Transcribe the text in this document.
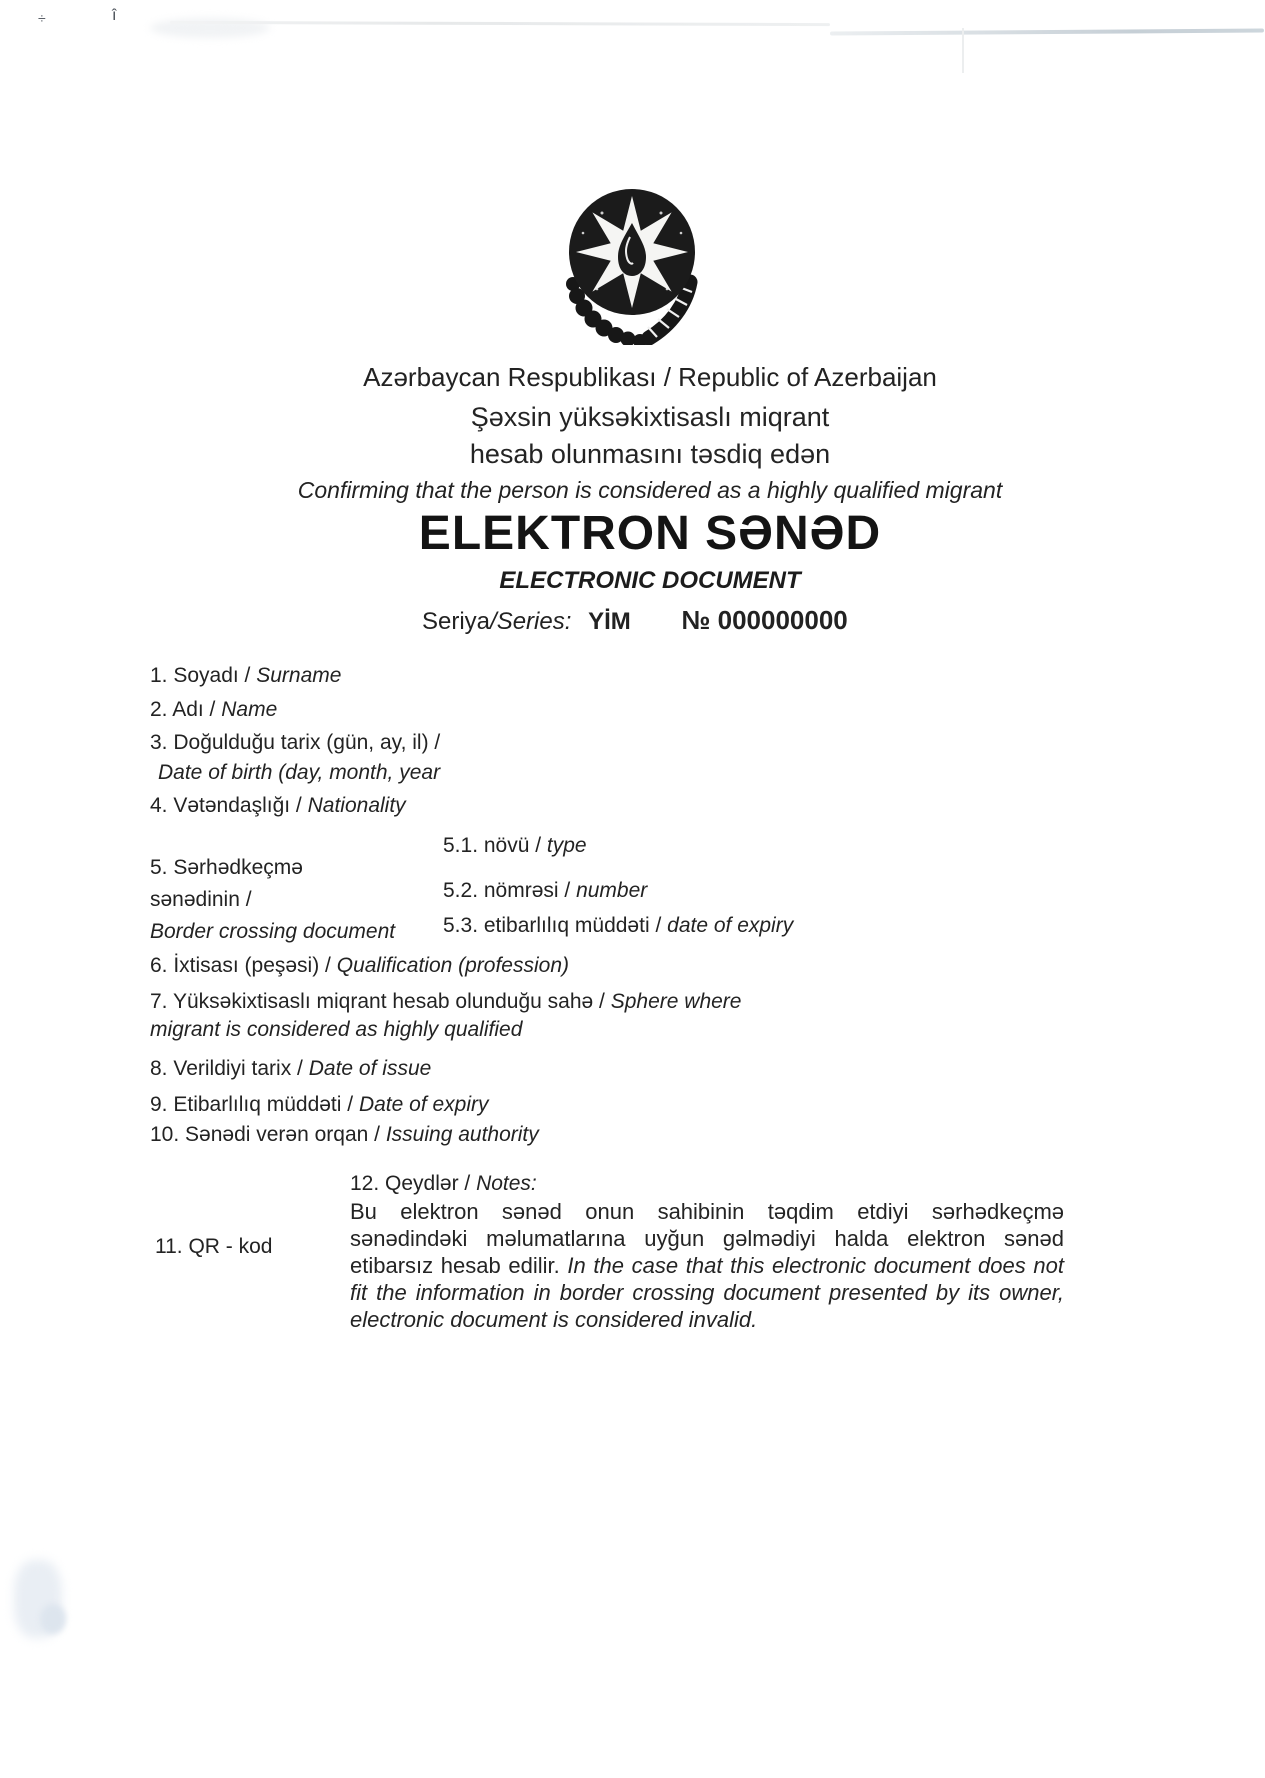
÷	î
Azərbaycan Respublikası / Republic of Azerbaijan
Şəxsin yüksəkixtisaslı miqrant
hesab olunmasını təsdiq edən
Confirming that the person is considered as a highly qualified migrant
ELEKTRON SƏNƏD
ELECTRONIC DOCUMENT
Seriya/Series: YİM № 000000000
1. Soyadı / Surname
2. Adı / Name
3. Doğulduğu tarix (gün, ay, il) /
Date of birth (day, month, year
4. Vətəndaşlığı / Nationality
5. Sərhədkeçmə
sənədinin /
Border crossing document
5.1. növü / type
5.2. nömrəsi / number
5.3. etibarlılıq müddəti / date of expiry
6. İxtisası (peşəsi) / Qualification (profession)
7. Yüksəkixtisaslı miqrant hesab olunduğu sahə / Sphere where
migrant is considered as highly qualified
8. Verildiyi tarix / Date of issue
9. Etibarlılıq müddəti / Date of expiry
10. Sənədi verən orqan / Issuing authority
12. Qeydlər / Notes:
Bu elektron sənəd onun sahibinin təqdim etdiyi sərhədkeçmə sənədindəki məlumatlarına uyğun gəlmədiyi halda elektron sənəd etibarsız hesab edilir. In the case that this electronic document does not fit the information in border crossing document presented by its owner, electronic document is considered invalid.
11. QR - kod
